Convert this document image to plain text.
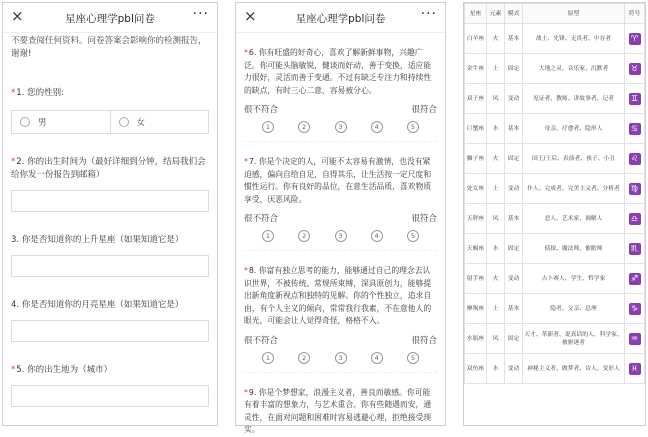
×	星座心理学pbl问卷	···
不要查阅任何资料。问卷答案会影响你的检测报告，谢谢!
*1. 您的性别:
男	女
*2. 你的出生时间为（最好详细到分钟，结局我们会给你发一份报告到邮箱）
3. 你是否知道你的上升星座（如果知道它是）
4. 你是否知道你的月亮星座（如果知道它是）
*5. 你的出生地为（城市）
×	星座心理学pbl问卷	···
*6. 你有旺盛的好奇心，喜欢了解新鲜事物，兴趣广泛。你可能头脑敏锐，健谈而好动，善于变换，适应能力很好，灵活而善于变通。不过有缺乏专注力和持续性的缺点，有时三心二意，容易被分心。
很不符合	很符合
1	2	3	4	5
*7. 你是个决定的人，可能不太容易有激情，也没有紧迫感，偏向自给自足，自得其乐，让生活按一定尺度和惯性运行。你有良好的品位，在意生活品质，喜欢物质享受，厌恶风险。
很不符合	很符合
1	2	3	4	5
*8. 你富有独立思考的能力，能够通过自己的理念去认识世界，不被传统、常规所束缚，深具原创力，能够提出新角度新视点和独特的见解。你的个性独立，追求自由，有个人主义的倾向，常常我行我素，不在意他人的眼光，可能会让人觉得奇怪，格格不入。
很不符合	很符合
1	2	3	4	5
*9. 你是个梦想家，浪漫主义者，善良而敏感。你可能有着丰富的想象力，与艺术重合。你有些随遇而安，通灵性，在面对问题和困难时容易逃避心理，拒绝接受现实。
星座	元素	模式	原型	符号
白羊座	火	基本	战士、先锋、无畏者、中存者	♈
金牛座	土	固定	大地之灵、音乐家、沉默者	♉
双子座	风	变动	见证者、教师、讲故事者、记者	♊
巨蟹座	水	基本	母亲、疗愈者、隐形人	♋
狮子座	火	固定	国王/王后、表演者、孩子、小丑	♌
处女座	土	变动	仆人、完成者、完美主义者、分析者	♍
天秤座	风	基本	恋人、艺术家、调解人	♎
天蝎座	水	固定	侦探、魔法师、催眠师	♏
射手座	火	变动	吉卜赛人、学生、哲学家	♐
摩羯座	土	基本	隐者、父亲、总理	♑
水瓶座	风	固定	天才、革新者、说真话的人、科学家、被驱逐者	♒
双鱼座	水	变动	神秘主义者、做梦者、诗人、变形人	♓
